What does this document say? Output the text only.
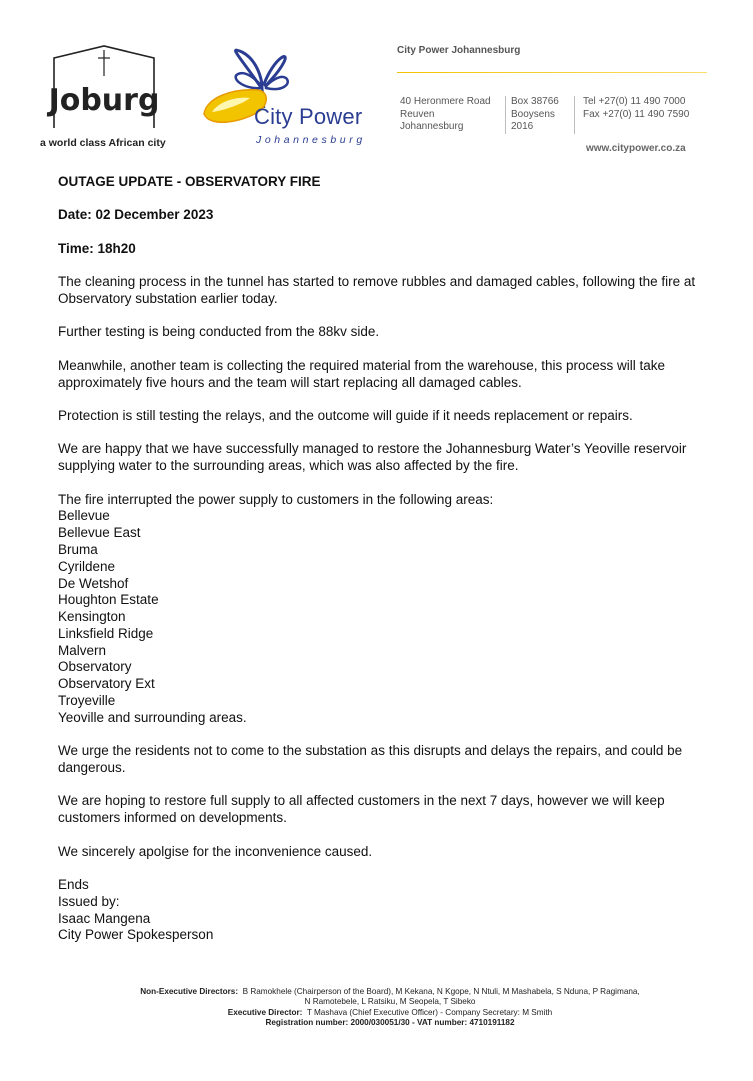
Joburg
a world class African city
City Power
Johannesburg
City Power Johannesburg
40 Heronmere Road
Reuven
Johannesburg
Box 38766
Booysens
2016
Tel +27(0) 11 490 7000
Fax +27(0) 11 490 7590
www.citypower.co.za

OUTAGE UPDATE - OBSERVATORY FIRE

Date: 02 December 2023

Time: 18h20

The cleaning process in the tunnel has started to remove rubbles and damaged cables, following the fire at Observatory substation earlier today.

Further testing is being conducted from the 88kv side.

Meanwhile, another team is collecting the required material from the warehouse, this process will take approximately five hours and the team will start replacing all damaged cables.

Protection is still testing the relays, and the outcome will guide if it needs replacement or repairs.

We are happy that we have successfully managed to restore the Johannesburg Water’s Yeoville reservoir supplying water to the surrounding areas, which was also affected by the fire.

The fire interrupted the power supply to customers in the following areas:
Bellevue
Bellevue East
Bruma
Cyrildene
De Wetshof
Houghton Estate
Kensington
Linksfield Ridge
Malvern
Observatory
Observatory Ext
Troyeville
Yeoville and surrounding areas.

We urge the residents not to come to the substation as this disrupts and delays the repairs, and could be dangerous.

We are hoping to restore full supply to all affected customers in the next 7 days, however we will keep customers informed on developments.

We sincerely apolgise for the inconvenience caused.

Ends
Issued by:
Isaac Mangena
City Power Spokesperson
Non-Executive Directors: B Ramokhele (Chairperson of the Board), M Kekana, N Kgope, N Ntuli, M Mashabela, S Nduna, P Ragimana,
N Ramotebele, L Ratsiku, M Seopela, T Sibeko
Executive Director: T Mashava (Chief Executive Officer) - Company Secretary: M Smith
Registration number: 2000/030051/30 - VAT number: 4710191182
